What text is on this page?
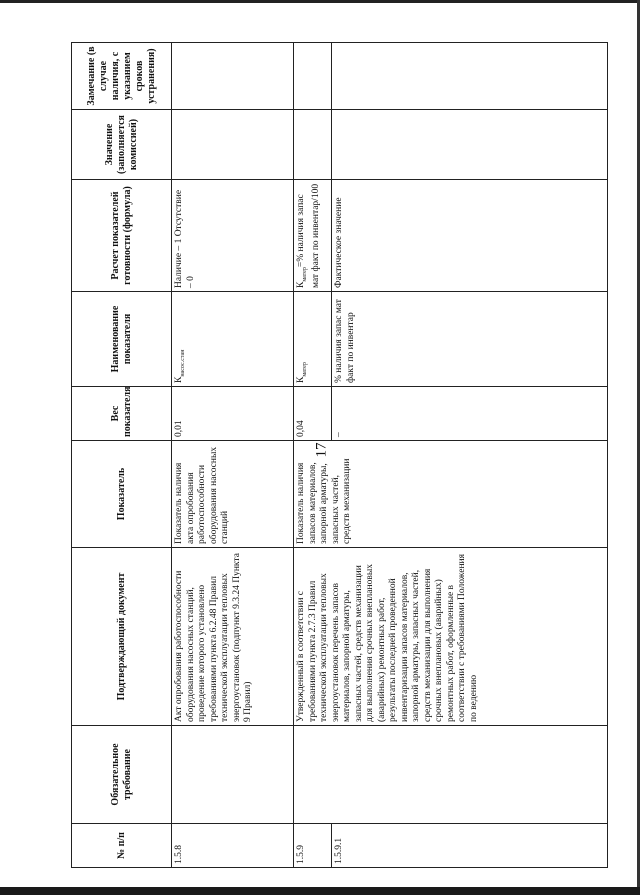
17
№ п/п	Обязательное требование	Подтверждающий документ	Показатель	Вес показателя	Наименование показателя	Расчет показателей готовности (формула)	Значение (заполняется комиссией)	Замечание (в случае наличия, с указанием сроков устранения)
1.5.8		Акт опробования работоспособности оборудования насосных станций, проведение которого установлено требованиями пункта 6.2.48 Правил технической эксплуатации тепловых энергоустановок (подпункт 9.3.24 Пункта 9 Правил)	Показатель наличия акта опробования работоспособности оборудования насосных станций	0,01	$К_{насос.стан}$	Наличие – 1 Отсутствие – 0		
1.5.9		Утвержденный в соответствии с требованиями пункта 2.7.3 Правил технической эксплуатации тепловых энергоустановок перечень запасов материалов, запорной арматуры, запасных частей, средств механизации для выполнения срочных внеплановых (аварийных) ремонтных работ, результаты последней проведенной инвентаризации запасов материалов, запорной арматуры, запасных частей, средств механизации для выполнения срочных внеплановых (аварийных) ремонтных работ, оформленные в соответствии с требованиями Положения по ведению	Показатель наличия запасов материалов, запорной арматуры, запасных частей, средств механизации	0,04	$К_{матер}$	$К_{матер}=\%$ наличия запас мат факт по инвентар/100		
1.5.9.1				–	% наличия запас мат факт по инвентар	Фактическое значение		
